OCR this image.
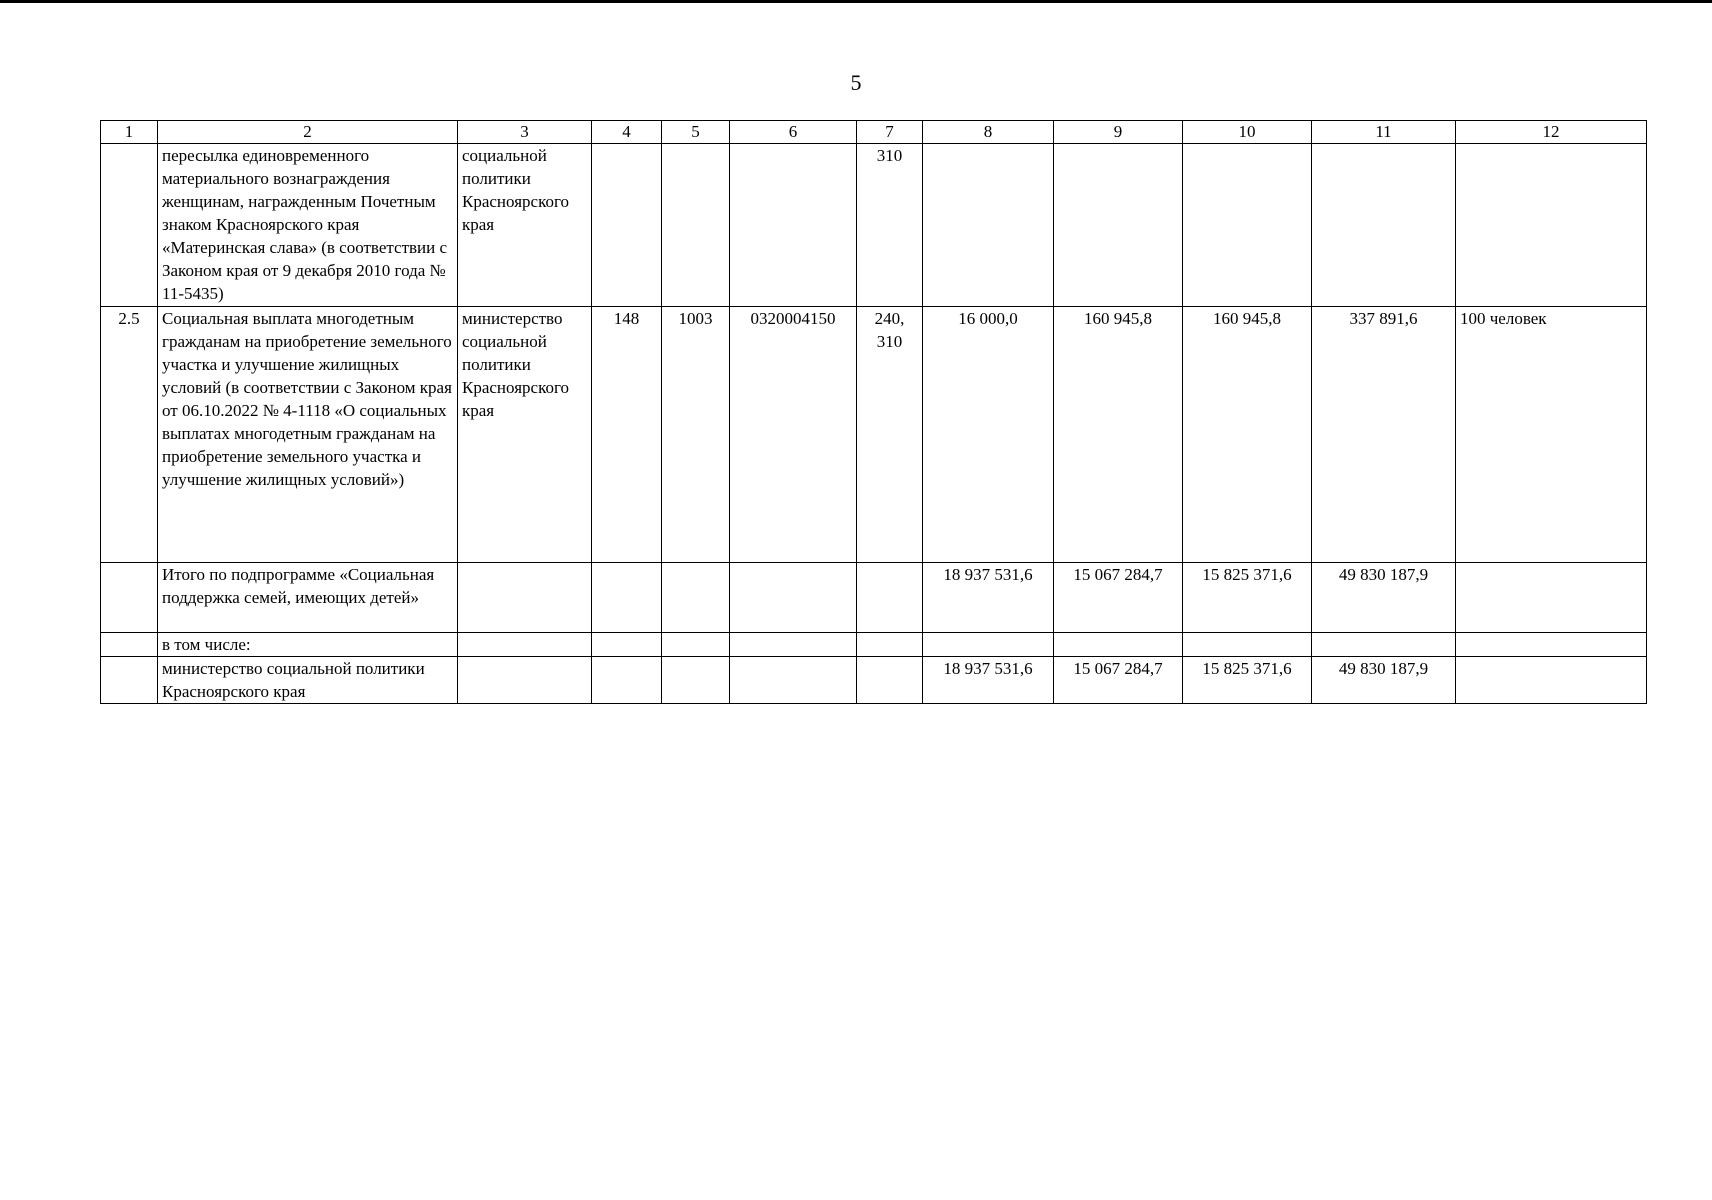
5
1	2	3	4	5	6	7	8	9	10	11	12
	пересылка единовременного материального вознаграждения женщинам, награжденным Почетным знаком Красноярского края «Материнская слава» (в соответствии с Законом края от 9 декабря 2010 года № 11-5435)	социальной политики Красноярского края				310					
2.5	Социальная выплата многодетным гражданам на приобретение земельного участка и улучшение жилищных условий (в соответствии с Законом края от 06.10.2022 № 4-1118 «О социальных выплатах многодетным гражданам на приобретение земельного участка и улучшение жилищных условий»)	министерство социальной политики Красноярского края	148	1003	0320004150	240, 310	16 000,0	160 945,8	160 945,8	337 891,6	100 человек
	Итого по подпрограмме «Социальная поддержка семей, имеющих детей»						18 937 531,6	15 067 284,7	15 825 371,6	49 830 187,9	
	в том числе:										
	министерство социальной политики Красноярского края						18 937 531,6	15 067 284,7	15 825 371,6	49 830 187,9	
